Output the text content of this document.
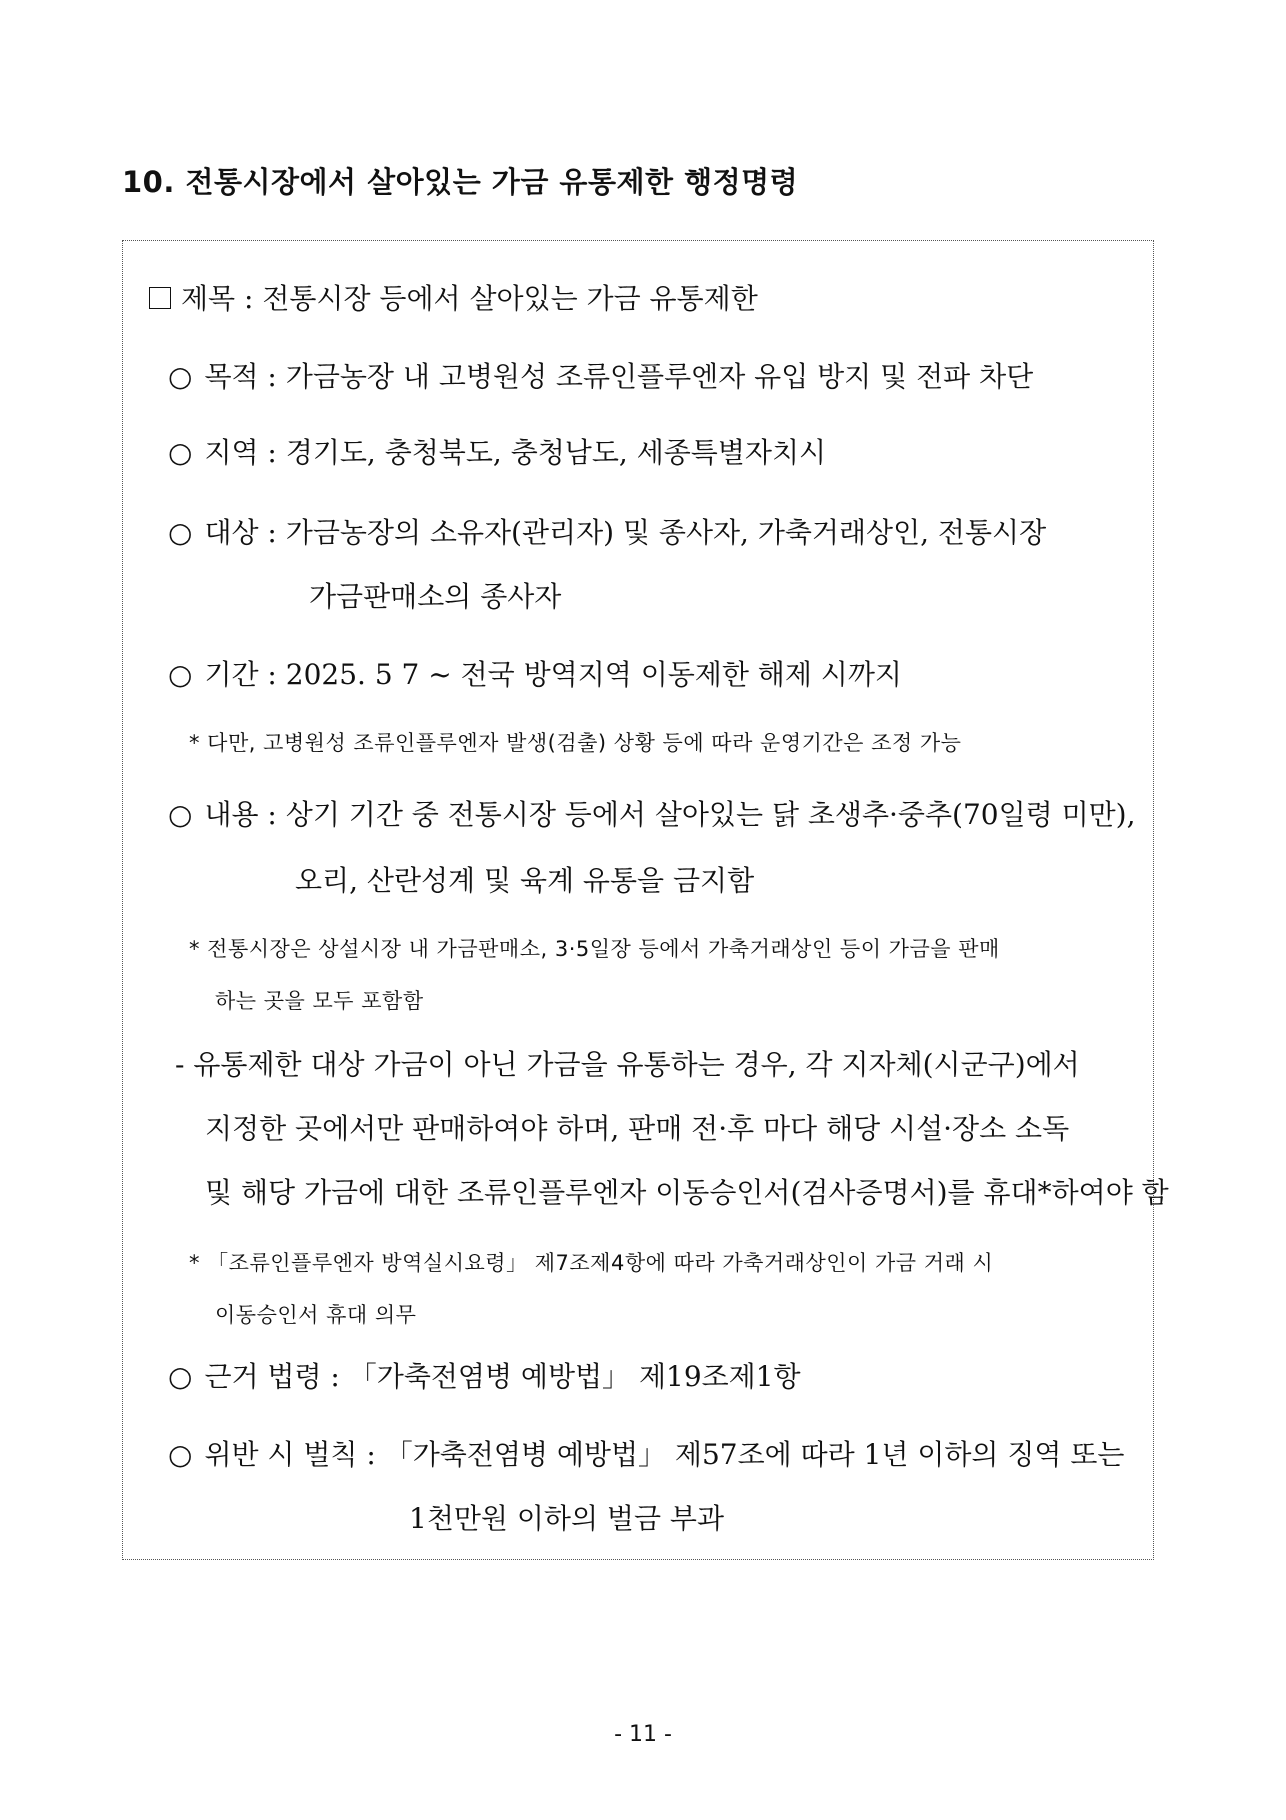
10. 전통시장에서 살아있는 가금 유통제한 행정명령
제목 : 전통시장 등에서 살아있는 가금 유통제한
○ 목적 : 가금농장 내 고병원성 조류인플루엔자 유입 방지 및 전파 차단
○ 지역 : 경기도, 충청북도, 충청남도, 세종특별자치시
○ 대상 : 가금농장의 소유자(관리자) 및 종사자, 가축거래상인, 전통시장
가금판매소의 종사자
○ 기간 : 2025. 5 7 ~ 전국 방역지역 이동제한 해제 시까지
* 다만, 고병원성 조류인플루엔자 발생(검출) 상황 등에 따라 운영기간은 조정 가능
○ 내용 : 상기 기간 중 전통시장 등에서 살아있는 닭 초생추·중추(70일령 미만),
오리, 산란성계 및 육계 유통을 금지함
* 전통시장은 상설시장 내 가금판매소, 3·5일장 등에서 가축거래상인 등이 가금을 판매
하는 곳을 모두 포함함
- 유통제한 대상 가금이 아닌 가금을 유통하는 경우, 각 지자체(시군구)에서
지정한 곳에서만 판매하여야 하며, 판매 전·후 마다 해당 시설·장소 소독
및 해당 가금에 대한 조류인플루엔자 이동승인서(검사증명서)를 휴대*하여야 함
* 「조류인플루엔자 방역실시요령」 제7조제4항에 따라 가축거래상인이 가금 거래 시
이동승인서 휴대 의무
○ 근거 법령 : 「가축전염병 예방법」 제19조제1항
○ 위반 시 벌칙 : 「가축전염병 예방법」 제57조에 따라 1년 이하의 징역 또는
1천만원 이하의 벌금 부과
- 11 -
